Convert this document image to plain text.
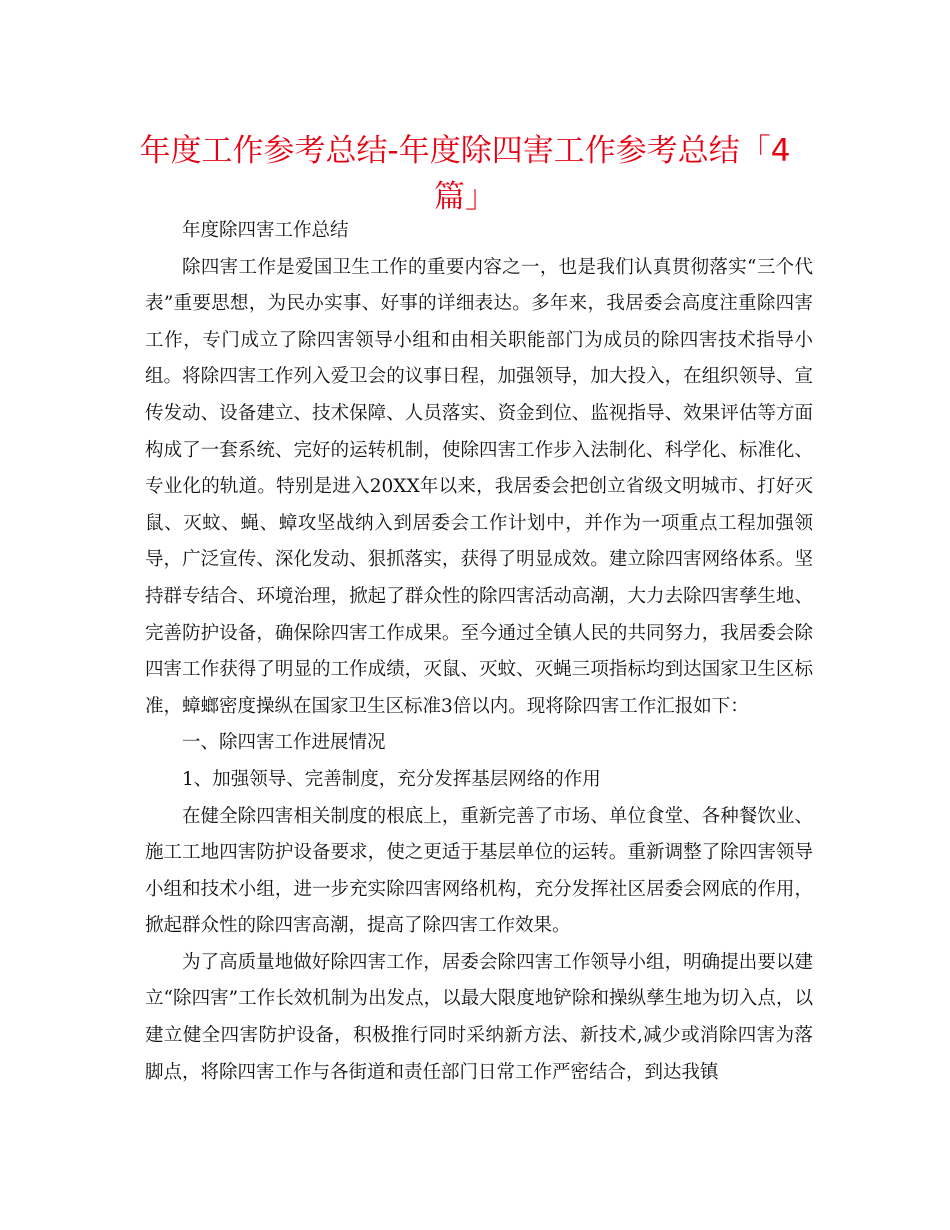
年度工作参考总结-年度除四害工作参考总结「4篇」

年度除四害工作总结

除四害工作是爱国卫生工作的重要内容之一，也是我们认真贯彻落实“三个代表”重要思想，为民办实事、好事的详细表达。多年来，我居委会高度注重除四害工作，专门成立了除四害领导小组和由相关职能部门为成员的除四害技术指导小组。将除四害工作列入爱卫会的议事日程，加强领导，加大投入，在组织领导、宣传发动、设备建立、技术保障、人员落实、资金到位、监视指导、效果评估等方面构成了一套系统、完好的运转机制，使除四害工作步入法制化、科学化、标准化、专业化的轨道。特别是进入20XX年以来，我居委会把创立省级文明城市、打好灭鼠、灭蚊、蝇、蟑攻坚战纳入到居委会工作计划中，并作为一项重点工程加强领导，广泛宣传、深化发动、狠抓落实，获得了明显成效。建立除四害网络体系。坚持群专结合、环境治理，掀起了群众性的除四害活动高潮，大力去除四害孳生地、完善防护设备，确保除四害工作成果。至今通过全镇人民的共同努力，我居委会除四害工作获得了明显的工作成绩，灭鼠、灭蚊、灭蝇三项指标均到达国家卫生区标准，蟑螂密度操纵在国家卫生区标准3倍以内。现将除四害工作汇报如下：

一、除四害工作进展情况

1、加强领导、完善制度，充分发挥基层网络的作用

在健全除四害相关制度的根底上，重新完善了市场、单位食堂、各种餐饮业、施工工地四害防护设备要求，使之更适于基层单位的运转。重新调整了除四害领导小组和技术小组，进一步充实除四害网络机构，充分发挥社区居委会网底的作用，掀起群众性的除四害高潮，提高了除四害工作效果。

为了高质量地做好除四害工作，居委会除四害工作领导小组，明确提出要以建立“除四害”工作长效机制为出发点，以最大限度地铲除和操纵孳生地为切入点，以建立健全四害防护设备，积极推行同时采纳新方法、新技术,减少或消除四害为落脚点，将除四害工作与各街道和责任部门日常工作严密结合，到达我镇
